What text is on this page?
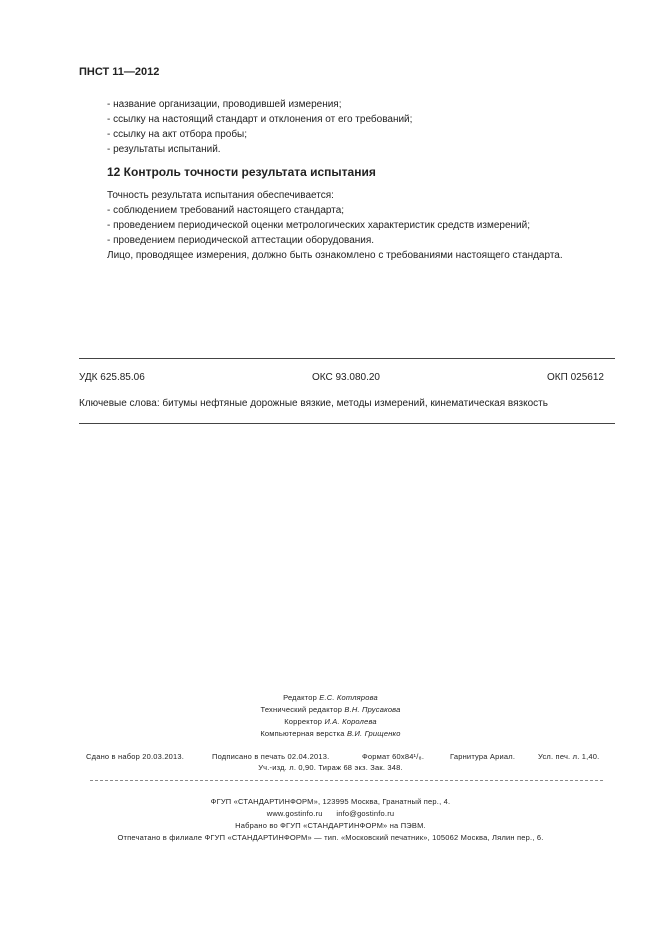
ПНСТ 11—2012
- название организации, проводившей измерения;
- ссылку на настоящий стандарт и отклонения от его требований;
- ссылку на акт отбора пробы;
- результаты испытаний.
12 Контроль точности результата испытания
Точность результата испытания обеспечивается:
- соблюдением требований настоящего стандарта;
- проведением периодической оценки метрологических характеристик средств измерений;
- проведением периодической аттестации оборудования.
Лицо, проводящее измерения, должно быть ознакомлено с требованиями настоящего стандарта.
УДК 625.85.06	ОКС 93.080.20	ОКП 025612
Ключевые слова: битумы нефтяные дорожные вязкие, методы измерений, кинематическая вязкость
Редактор Е.С. Котлярова
Технический редактор В.Н. Прусакова
Корректор И.А. Королева
Компьютерная верстка В.И. Грищенко
Сдано в набор 20.03.2013.	Подписано в печать 02.04.2013.	Формат 60х84¹/₈.	Гарнитура Ариал.	Усл. печ. л. 1,40.
Уч.-изд. л. 0,90. Тираж 68 экз. Зак. 348.
ФГУП «СТАНДАРТИНФОРМ», 123995 Москва, Гранатный пер., 4.
www.gostinfo.ru info@gostinfo.ru
Набрано во ФГУП «СТАНДАРТИНФОРМ» на ПЭВМ.
Отпечатано в филиале ФГУП «СТАНДАРТИНФОРМ» — тип. «Московский печатник», 105062 Москва, Лялин пер., 6.
